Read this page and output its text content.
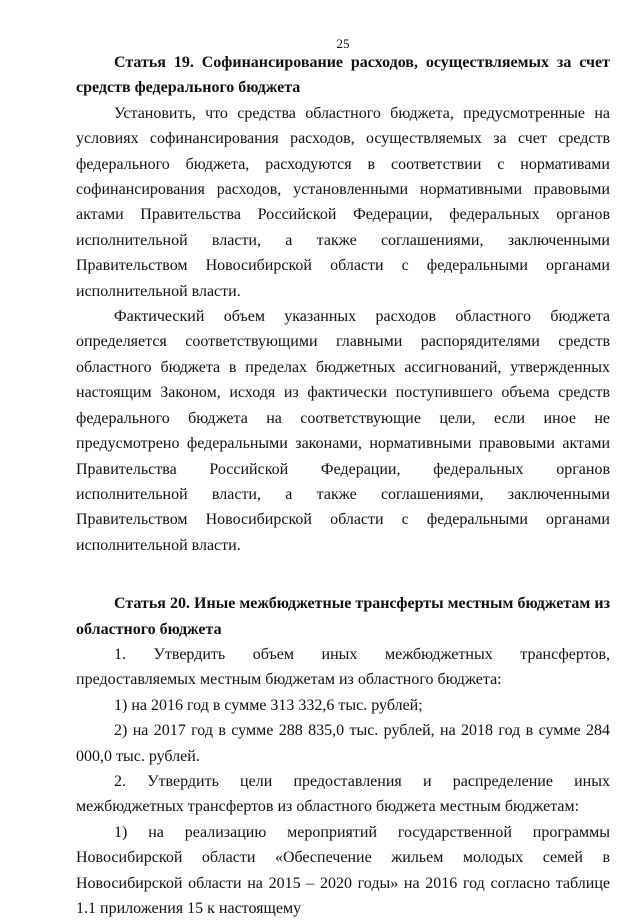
25

Статья 19. Софинансирование расходов, осуществляемых за счет средств федерального бюджета

Установить, что средства областного бюджета, предусмотренные на условиях софинансирования расходов, осуществляемых за счет средств федерального бюджета, расходуются в соответствии с нормативами софинансирования расходов, установленными нормативными правовыми актами Правительства Российской Федерации, федеральных органов исполнительной власти, а также соглашениями, заключенными Правительством Новосибирской области с федеральными органами исполнительной власти.

Фактический объем указанных расходов областного бюджета определяется соответствующими главными распорядителями средств областного бюджета в пределах бюджетных ассигнований, утвержденных настоящим Законом, исходя из фактически поступившего объема средств федерального бюджета на соответствующие цели, если иное не предусмотрено федеральными законами, нормативными правовыми актами Правительства Российской Федерации, федеральных органов исполнительной власти, а также соглашениями, заключенными Правительством Новосибирской области с федеральными органами исполнительной власти.

Статья 20. Иные межбюджетные трансферты местным бюджетам из областного бюджета

1. Утвердить объем иных межбюджетных трансфертов, предоставляемых местным бюджетам из областного бюджета:

1) на 2016 год в сумме 313 332,6 тыс. рублей;

2) на 2017 год в сумме 288 835,0 тыс. рублей, на 2018 год в сумме 284 000,0 тыс. рублей.

2. Утвердить цели предоставления и распределение иных межбюджетных трансфертов из областного бюджета местным бюджетам:

1) на реализацию мероприятий государственной программы Новосибирской области «Обеспечение жильем молодых семей в Новосибирской области на 2015 – 2020 годы» на 2016 год согласно таблице 1.1 приложения 15 к настоящему
